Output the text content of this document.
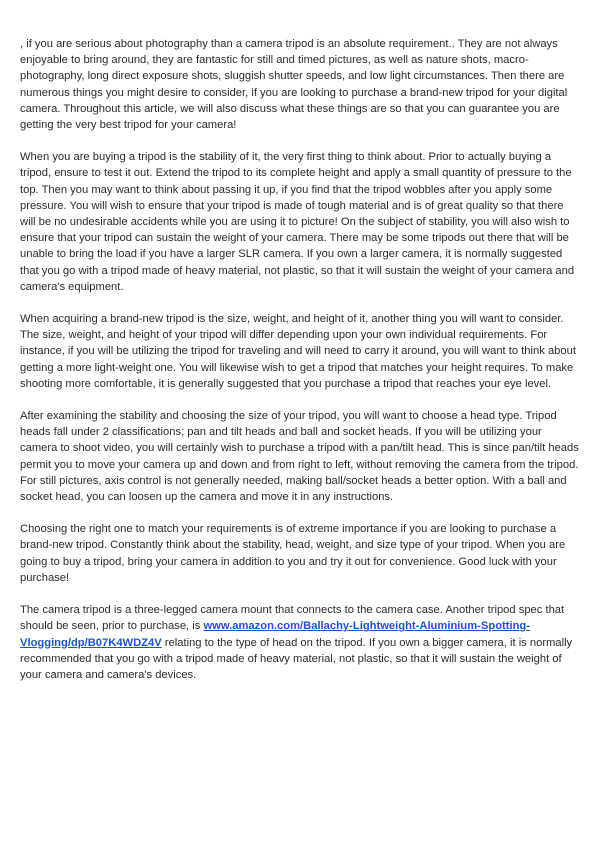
, if you are serious about photography than a camera tripod is an absolute requirement.. They are not always enjoyable to bring around, they are fantastic for still and timed pictures, as well as nature shots, macro-photography, long direct exposure shots, sluggish shutter speeds, and low light circumstances. Then there are numerous things you might desire to consider, if you are looking to purchase a brand-new tripod for your digital camera. Throughout this article, we will also discuss what these things are so that you can guarantee you are getting the very best tripod for your camera!

When you are buying a tripod is the stability of it, the very first thing to think about. Prior to actually buying a tripod, ensure to test it out. Extend the tripod to its complete height and apply a small quantity of pressure to the top. Then you may want to think about passing it up, if you find that the tripod wobbles after you apply some pressure. You will wish to ensure that your tripod is made of tough material and is of great quality so that there will be no undesirable accidents while you are using it to picture! On the subject of stability, you will also wish to ensure that your tripod can sustain the weight of your camera. There may be some tripods out there that will be unable to bring the load if you have a larger SLR camera. If you own a larger camera, it is normally suggested that you go with a tripod made of heavy material, not plastic, so that it will sustain the weight of your camera and camera's equipment.

When acquiring a brand-new tripod is the size, weight, and height of it, another thing you will want to consider. The size, weight, and height of your tripod will differ depending upon your own individual requirements. For instance, if you will be utilizing the tripod for traveling and will need to carry it around, you will want to think about getting a more light-weight one. You will likewise wish to get a tripod that matches your height requires. To make shooting more comfortable, it is generally suggested that you purchase a tripod that reaches your eye level.

After examining the stability and choosing the size of your tripod, you will want to choose a head type. Tripod heads fall under 2 classifications; pan and tilt heads and ball and socket heads. If you will be utilizing your camera to shoot video, you will certainly wish to purchase a tripod with a pan/tilt head. This is since pan/tilt heads permit you to move your camera up and down and from right to left, without removing the camera from the tripod. For still pictures, axis control is not generally needed, making ball/socket heads a better option. With a ball and socket head, you can loosen up the camera and move it in any instructions.

Choosing the right one to match your requirements is of extreme importance if you are looking to purchase a brand-new tripod. Constantly think about the stability, head, weight, and size type of your tripod. When you are going to buy a tripod, bring your camera in addition to you and try it out for convenience. Good luck with your purchase!

The camera tripod is a three-legged camera mount that connects to the camera case. Another tripod spec that should be seen, prior to purchase, is www.amazon.com/Ballachy-Lightweight-Aluminium-Spotting-Vlogging/dp/B07K4WDZ4V relating to the type of head on the tripod. If you own a bigger camera, it is normally recommended that you go with a tripod made of heavy material, not plastic, so that it will sustain the weight of your camera and camera's devices.
